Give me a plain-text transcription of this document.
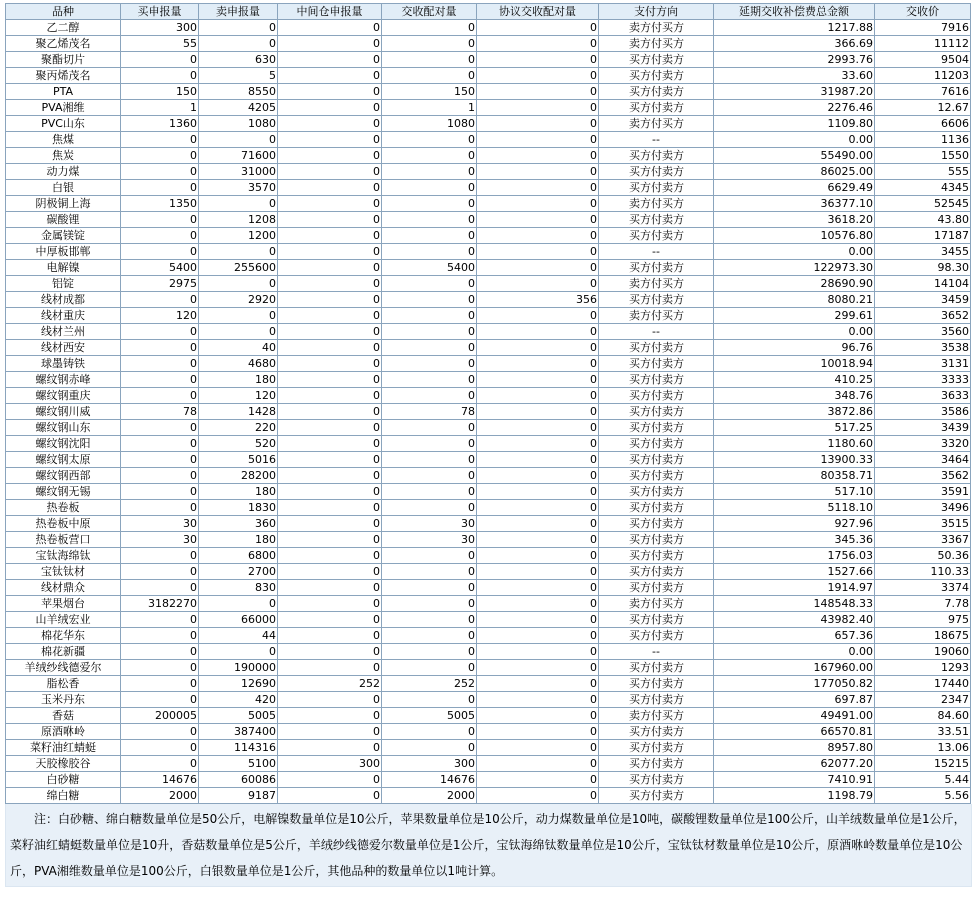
品种	买申报量	卖申报量	中间仓申报量	交收配对量	协议交收配对量	支付方向	延期交收补偿费总金额	交收价
乙二醇	300	0	0	0	0	卖方付买方	1217.88	7916
聚乙烯茂名	55	0	0	0	0	卖方付买方	366.69	11112
聚酯切片	0	630	0	0	0	买方付卖方	2993.76	9504
聚丙烯茂名	0	5	0	0	0	买方付卖方	33.60	11203
PTA	150	8550	0	150	0	买方付卖方	31987.20	7616
PVA湘维	1	4205	0	1	0	买方付卖方	2276.46	12.67
PVC山东	1360	1080	0	1080	0	卖方付买方	1109.80	6606
焦煤	0	0	0	0	0	--	0.00	1136
焦炭	0	71600	0	0	0	买方付卖方	55490.00	1550
动力煤	0	31000	0	0	0	买方付卖方	86025.00	555
白银	0	3570	0	0	0	买方付卖方	6629.49	4345
阴极铜上海	1350	0	0	0	0	卖方付买方	36377.10	52545
碳酸锂	0	1208	0	0	0	买方付卖方	3618.20	43.80
金属镁锭	0	1200	0	0	0	买方付卖方	10576.80	17187
中厚板邯郸	0	0	0	0	0	--	0.00	3455
电解镍	5400	255600	0	5400	0	买方付卖方	122973.30	98.30
铝锭	2975	0	0	0	0	卖方付买方	28690.90	14104
线材成都	0	2920	0	0	356	买方付卖方	8080.21	3459
线材重庆	120	0	0	0	0	卖方付买方	299.61	3652
线材兰州	0	0	0	0	0	--	0.00	3560
线材西安	0	40	0	0	0	买方付卖方	96.76	3538
球墨铸铁	0	4680	0	0	0	买方付卖方	10018.94	3131
螺纹钢赤峰	0	180	0	0	0	买方付卖方	410.25	3333
螺纹钢重庆	0	120	0	0	0	买方付卖方	348.76	3633
螺纹钢川威	78	1428	0	78	0	买方付卖方	3872.86	3586
螺纹钢山东	0	220	0	0	0	买方付卖方	517.25	3439
螺纹钢沈阳	0	520	0	0	0	买方付卖方	1180.60	3320
螺纹钢太原	0	5016	0	0	0	买方付卖方	13900.33	3464
螺纹钢西部	0	28200	0	0	0	买方付卖方	80358.71	3562
螺纹钢无锡	0	180	0	0	0	买方付卖方	517.10	3591
热卷板	0	1830	0	0	0	买方付卖方	5118.10	3496
热卷板中原	30	360	0	30	0	买方付卖方	927.96	3515
热卷板营口	30	180	0	30	0	买方付卖方	345.36	3367
宝钛海绵钛	0	6800	0	0	0	买方付卖方	1756.03	50.36
宝钛钛材	0	2700	0	0	0	买方付卖方	1527.66	110.33
线材鼎众	0	830	0	0	0	买方付卖方	1914.97	3374
苹果烟台	3182270	0	0	0	0	卖方付买方	148548.33	7.78
山羊绒宏业	0	66000	0	0	0	买方付卖方	43982.40	975
棉花华东	0	44	0	0	0	买方付卖方	657.36	18675
棉花新疆	0	0	0	0	0	--	0.00	19060
羊绒纱线德爱尔	0	190000	0	0	0	买方付卖方	167960.00	1293
脂松香	0	12690	252	252	0	买方付卖方	177050.82	17440
玉米丹东	0	420	0	0	0	买方付卖方	697.87	2347
香菇	200005	5005	0	5005	0	卖方付买方	49491.00	84.60
原酒咻岭	0	387400	0	0	0	买方付卖方	66570.81	33.51
菜籽油红蜻蜓	0	114316	0	0	0	买方付卖方	8957.80	13.06
天胶橡胶谷	0	5100	300	300	0	买方付卖方	62077.20	15215
白砂糖	14676	60086	0	14676	0	买方付卖方	7410.91	5.44
绵白糖	2000	9187	0	2000	0	买方付卖方	1198.79	5.56
注：白砂糖、绵白糖数量单位是50公斤，电解镍数量单位是10公斤，苹果数量单位是10公斤，动力煤数量单位是10吨，碳酸锂数量单位是100公斤，山羊绒数量单位是1公斤，菜籽油红蜻蜓数量单位是10升，香菇数量单位是5公斤，羊绒纱线德爱尔数量单位是1公斤，宝钛海绵钛数量单位是10公斤，宝钛钛材数量单位是10公斤，原酒咻岭数量单位是10公斤，PVA湘维数量单位是100公斤，白银数量单位是1公斤，其他品种的数量单位以1吨计算。
